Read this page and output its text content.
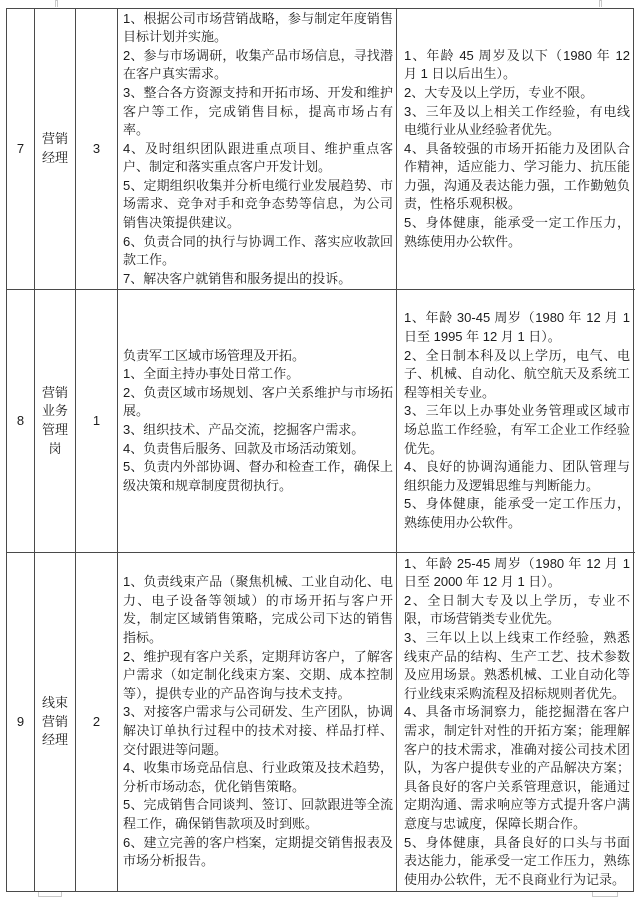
7
营销经理
3
1、根据公司市场营销战略，参与制定年度销售目标计划并实施。
2、参与市场调研，收集产品市场信息，寻找潜在客户真实需求。
3、整合各方资源支持和开拓市场、开发和维护客户等工作，完成销售目标，提高市场占有率。
4、及时组织团队跟进重点项目、维护重点客户、制定和落实重点客户开发计划。
5、定期组织收集并分析电缆行业发展趋势、市场需求、竞争对手和竞争态势等信息，为公司销售决策提供建议。
6、负责合同的执行与协调工作、落实应收款回款工作。
7、解决客户就销售和服务提出的投诉。
1、年龄 45 周岁及以下（1980 年 12 月 1 日以后出生）。
2、大专及以上学历，专业不限。
3、三年及以上相关工作经验，有电线电缆行业从业经验者优先。
4、具备较强的市场开拓能力及团队合作精神，适应能力、学习能力、抗压能力强，沟通及表达能力强，工作勤勉负责，性格乐观积极。
5、身体健康，能承受一定工作压力，熟练使用办公软件。
8
营销业务管理岗
1
负责军工区域市场管理及开拓。
1、全面主持办事处日常工作。
2、负责区域市场规划、客户关系维护与市场拓展。
3、组织技术、产品交流，挖掘客户需求。
4、负责售后服务、回款及市场活动策划。
5、负责内外部协调、督办和检查工作，确保上级决策和规章制度贯彻执行。
1、年龄 30-45 周岁（1980 年 12 月 1 日至 1995 年 12 月 1 日）。
2、全日制本科及以上学历，电气、电子、机械、自动化、航空航天及系统工程等相关专业。
3、三年以上办事处业务管理或区域市场总监工作经验，有军工企业工作经验优先。
4、良好的协调沟通能力、团队管理与组织能力及逻辑思维与判断能力。
5、身体健康，能承受一定工作压力，熟练使用办公软件。
9
线束营销经理
2
1、负责线束产品（聚焦机械、工业自动化、电力、电子设备等领域）的市场开拓与客户开发，制定区域销售策略，完成公司下达的销售指标。
2、维护现有客户关系，定期拜访客户，了解客户需求（如定制化线束方案、交期、成本控制等），提供专业的产品咨询与技术支持。
3、对接客户需求与公司研发、生产团队，协调解决订单执行过程中的技术对接、样品打样、交付跟进等问题。
4、收集市场竞品信息、行业政策及技术趋势，分析市场动态，优化销售策略。
5、完成销售合同谈判、签订、回款跟进等全流程工作，确保销售款项及时到账。
6、建立完善的客户档案，定期提交销售报表及市场分析报告。
1、年龄 25-45 周岁（1980 年 12 月 1 日至 2000 年 12 月 1 日）。
2、全日制大专及以上学历，专业不限，市场营销类专业优先。
3、三年以上以上线束工作经验，熟悉线束产品的结构、生产工艺、技术参数及应用场景。熟悉机械、工业自动化等行业线束采购流程及招标规则者优先。
4、具备市场洞察力，能挖掘潜在客户需求，制定针对性的开拓方案；能理解客户的技术需求，准确对接公司技术团队，为客户提供专业的产品解决方案；具备良好的客户关系管理意识，能通过定期沟通、需求响应等方式提升客户满意度与忠诚度，保障长期合作。
5、身体健康，具备良好的口头与书面表达能力，能承受一定工作压力，熟练使用办公软件，无不良商业行为记录。
